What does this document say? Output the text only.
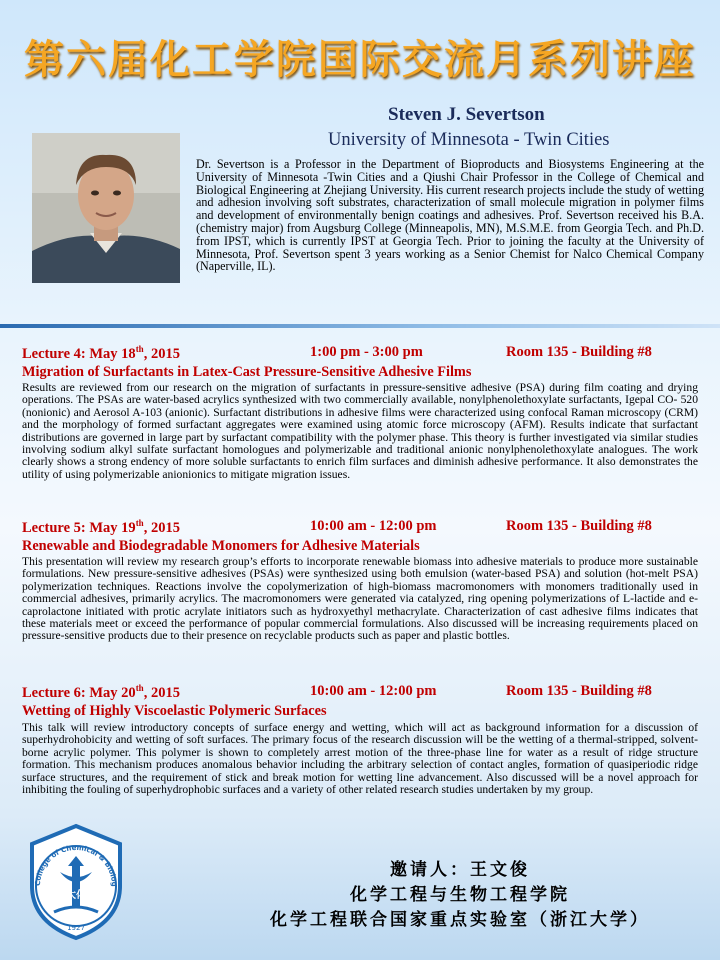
第六届化工学院国际交流月系列讲座
Steven J. Severtson
University of Minnesota - Twin Cities
Dr. Severtson is a Professor in the Department of Bioproducts and Biosystems Engineering at the University of Minnesota -Twin Cities and a Qiushi Chair Professor in the College of Chemical and Biological Engineering at Zhejiang University. His current research projects include the study of wetting and adhesion involving soft substrates, characterization of small molecule migration in polymer films and development of environmentally benign coatings and adhesives. Prof. Severtson received his B.A. (chemistry major) from Augsburg College (Minneapolis, MN), M.S.M.E. from Georgia Tech. and Ph.D. from IPST, which is currently IPST at Georgia Tech. Prior to joining the faculty at the University of Minnesota, Prof. Severtson spent 3 years working as a Senior Chemist for Nalco Chemical Company (Naperville, IL).
Lecture 4: May 18th, 2015	1:00 pm - 3:00 pm	Room 135 - Building #8
Migration of Surfactants in Latex-Cast Pressure-Sensitive Adhesive Films
Results are reviewed from our research on the migration of surfactants in pressure-sensitive adhesive (PSA) during film coating and drying operations. The PSAs are water-based acrylics synthesized with two commercially available, nonylphenolethoxylate surfactants, Igepal CO- 520 (nonionic) and Aerosol A-103 (anionic). Surfactant distributions in adhesive films were characterized using confocal Raman microscopy (CRM) and the morphology of formed surfactant aggregates were examined using atomic force microscopy (AFM). Results indicate that surfactant distributions are governed in large part by surfactant compatibility with the polymer phase. This theory is further investigated via similar studies involving sodium alkyl sulfate surfactant homologues and polymerizable and traditional anionic nonylphenolethoxylate analogues. The work clearly shows a strong endency of more soluble surfactants to enrich film surfaces and diminish adhesive performance. It also demonstrates the utility of using polymerizable anionionics to mitigate migration issues.
Lecture 5: May 19th, 2015	10:00 am - 12:00 pm	Room 135 - Building #8
Renewable and Biodegradable Monomers for Adhesive Materials
This presentation will review my research group’s efforts to incorporate renewable biomass into adhesive materials to produce more sustainable formulations. New pressure-sensitive adhesives (PSAs) were synthesized using both emulsion (water-based PSA) and solution (hot-melt PSA) polymerization techniques. Reactions involve the copolymerization of high-biomass macromonomers with monomers traditionally used in commercial adhesives, primarily acrylics. The macromonomers were generated via catalyzed, ring opening polymerizations of L-lactide and e-caprolactone initiated with protic acrylate initiators such as hydroxyethyl methacrylate. Characterization of cast adhesive films indicates that these materials meet or exceed the performance of popular commercial formulations. Also discussed will be increasing requirements placed on pressure-sensitive products due to their presence on recyclable products such as paper and plastic bottles.
Lecture 6: May 20th, 2015	10:00 am - 12:00 pm	Room 135 - Building #8
Wetting of Highly Viscoelastic Polymeric Surfaces
This talk will review introductory concepts of surface energy and wetting, which will act as background information for a discussion of superhydrohobicity and wetting of soft surfaces. The primary focus of the research discussion will be the wetting of a thermal-stripped, solvent-borne acrylic polymer. This polymer is shown to completely arrest motion of the three-phase line for water as a result of ridge structure formation. This mechanism produces anomalous behavior including the arbitrary selection of contact angles, formation of quasiperiodic ridge surface structures, and the requirement of stick and break motion for wetting line advancement. Also discussed will be a novel approach for inhibiting the fouling of superhydrophobic surfaces and a variety of other related research studies undertaken by my group.
College of Chemical & Biolog
浙大化工
1927
邀请人：王文俊
化学工程与生物工程学院
化学工程联合国家重点实验室（浙江大学）
